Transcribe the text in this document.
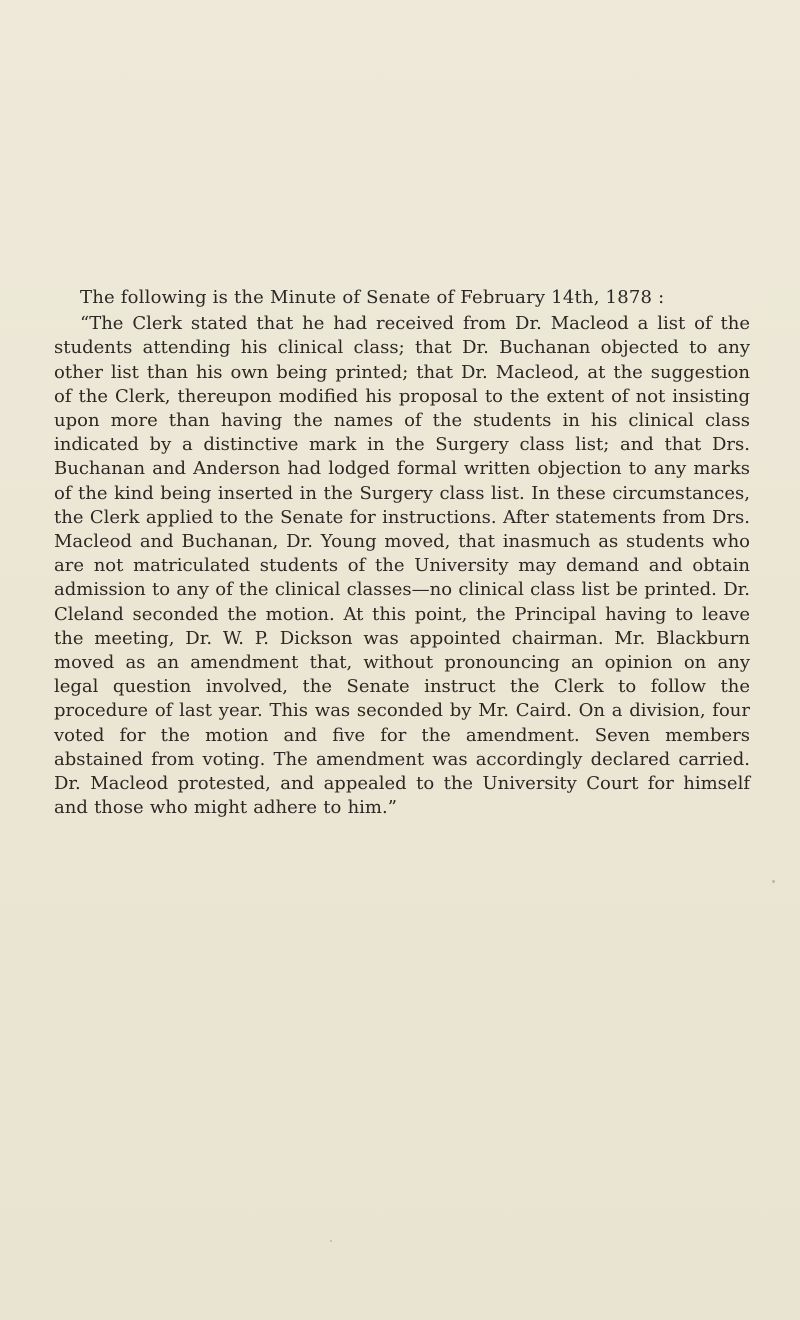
The following is the Minute of Senate of February 14th, 1878 :

“The Clerk stated that he had received from Dr. Macleod a list of the students attending his clinical class; that Dr. Buchanan objected to any other list than his own being printed; that Dr. Macleod, at the suggestion of the Clerk, thereupon modified his proposal to the extent of not insisting upon more than having the names of the students in his clinical class indicated by a distinctive mark in the Surgery class list; and that Drs. Buchanan and Anderson had lodged formal written objection to any marks of the kind being inserted in the Surgery class list. In these circumstances, the Clerk applied to the Senate for instructions. After statements from Drs. Macleod and Buchanan, Dr. Young moved, that inasmuch as students who are not matriculated students of the University may demand and obtain admission to any of the clinical classes—no clinical class list be printed. Dr. Cleland seconded the motion. At this point, the Principal having to leave the meeting, Dr. W. P. Dickson was appointed chairman. Mr. Blackburn moved as an amendment that, without pronouncing an opinion on any legal question involved, the Senate instruct the Clerk to follow the procedure of last year. This was seconded by Mr. Caird. On a division, four voted for the motion and five for the amendment. Seven members abstained from voting. The amendment was accordingly declared carried. Dr. Macleod protested, and appealed to the University Court for himself and those who might adhere to him.”
